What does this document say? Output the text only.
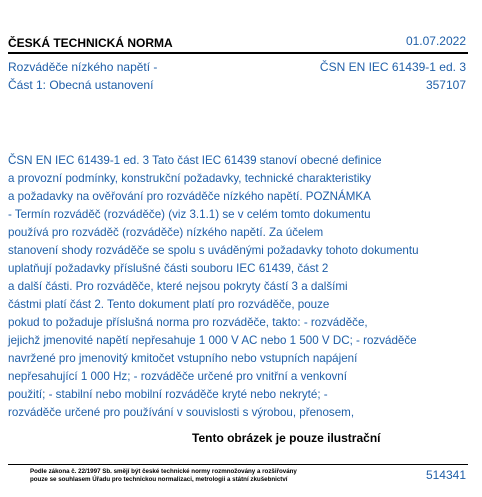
ČESKÁ TECHNICKÁ NORMA	01.07.2022
Rozváděče nízkého napětí -
Část 1: Obecná ustanovení
ČSN EN IEC 61439-1 ed. 3
357107
ČSN EN IEC 61439-1 ed. 3 Tato část IEC 61439 stanoví obecné definice
a provozní podmínky, konstrukční požadavky, technické charakteristiky
a požadavky na ověřování pro rozváděče nízkého napětí. POZNÁMKA
- Termín rozváděč (rozváděče) (viz 3.1.1) se v celém tomto dokumentu
používá pro rozváděč (rozváděče) nízkého napětí. Za účelem
stanovení shody rozváděče se spolu s uváděnými požadavky tohoto dokumentu
uplatňují požadavky příslušné části souboru IEC 61439, část 2
a další části. Pro rozváděče, které nejsou pokryty částí 3 a dalšími
částmi platí část 2. Tento dokument platí pro rozváděče, pouze
pokud to požaduje příslušná norma pro rozváděče, takto: - rozváděče,
jejichž jmenovité napětí nepřesahuje 1 000 V AC nebo 1 500 V DC; - rozváděče
navržené pro jmenovitý kmitočet vstupního nebo vstupních napájení
nepřesahující 1 000 Hz; - rozváděče určené pro vnitřní a venkovní
použití; - stabilní nebo mobilní rozváděče kryté nebo nekryté; -
rozváděče určené pro používání v souvislosti s výrobou, přenosem,
Tento obrázek je pouze ilustrační
Podle zákona č. 22/1997 Sb. smějí být české technické normy rozmnožovány a rozšiřovány
pouze se souhlasem Úřadu pro technickou normalizaci, metrologii a státní zkušebnictví	514341
